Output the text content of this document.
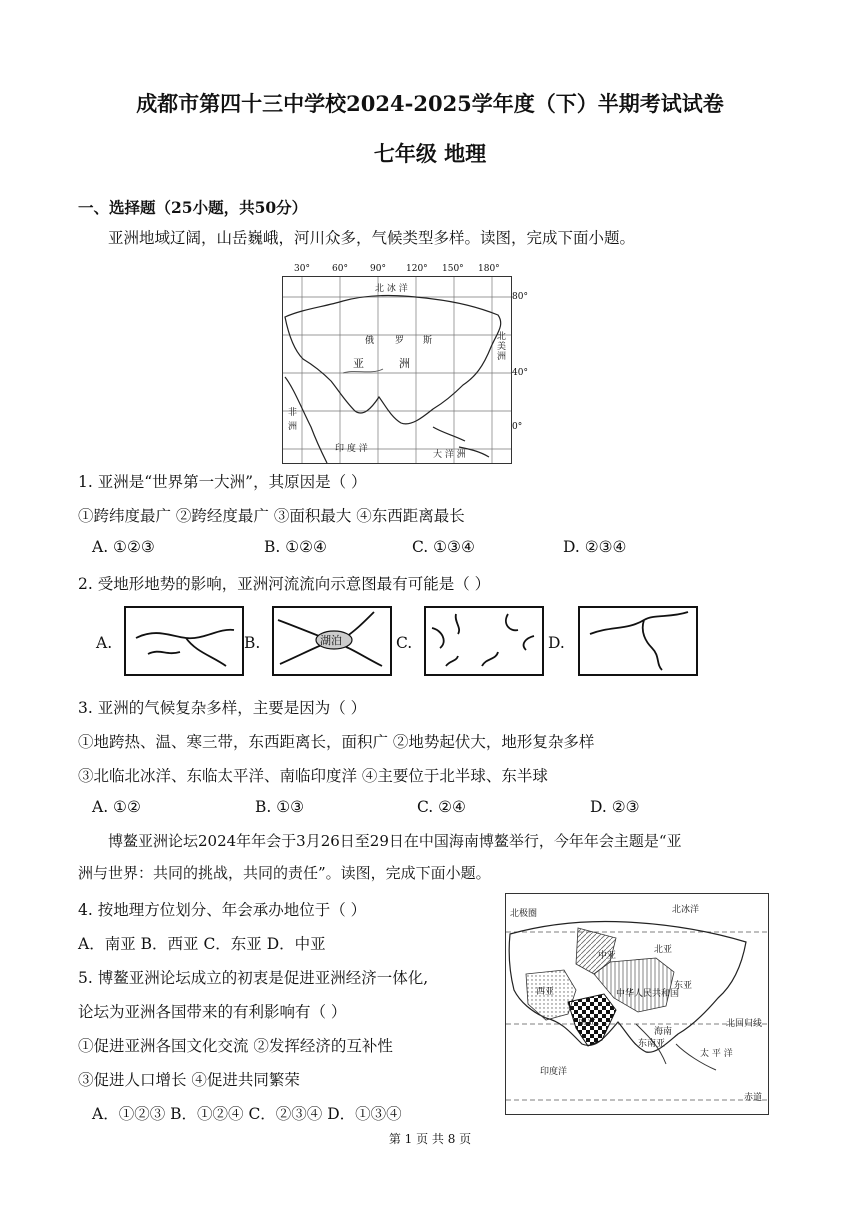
成都市第四十三中学校2024-2025学年度（下）半期考试试卷
七年级 地理
一、选择题（25小题，共50分）
亚洲地域辽阔，山岳巍峨，河川众多，气候类型多样。读图，完成下面小题。
30° 60° 90° 120° 150° 180°
北 冰 洋
亚	洲
俄 罗 斯
非
洲
印 度 洋
大 洋 洲
北
美
洲
80°
40°
0°
1. 亚洲是“世界第一大洲”，其原因是（ ）
①跨纬度最广 ②跨经度最广 ③面积最大 ④东西距离最长
A. ①②③	B. ①②④	C. ①③④	D. ②③④
2. 受地形地势的影响，亚洲河流流向示意图最有可能是（ ）
A.	B.	湖泊	C.	D.
3. 亚洲的气候复杂多样，主要是因为（ ）
①地跨热、温、寒三带，东西距离长，面积广 ②地势起伏大，地形复杂多样
③北临北冰洋、东临太平洋、南临印度洋 ④主要位于北半球、东半球
A. ①②	B. ①③	C. ②④	D. ②③
博鳌亚洲论坛2024年年会于3月26日至29日在中国海南博鳌举行，今年年会主题是“亚
洲与世界：共同的挑战，共同的责任”。读图，完成下面小题。
4. 按地理方位划分、年会承办地位于（ ）
A．南亚 B．西亚 C．东亚 D．中亚
5. 博鳌亚洲论坛成立的初衷是促进亚洲经济一体化,
论坛为亚洲各国带来的有利影响有（ ）
①促进亚洲各国文化交流 ②发挥经济的互补性
③促进人口增长 ④促进共同繁荣
A．①②③ B．①②④ C．②③④ D．①③④
北极圈	北冰洋
北亚
中亚
西亚
东亚
南亚
中华人民共和国
北回归线
太 平 洋
印度洋
赤道
东南亚
海南
第 1 页 共 8 页
